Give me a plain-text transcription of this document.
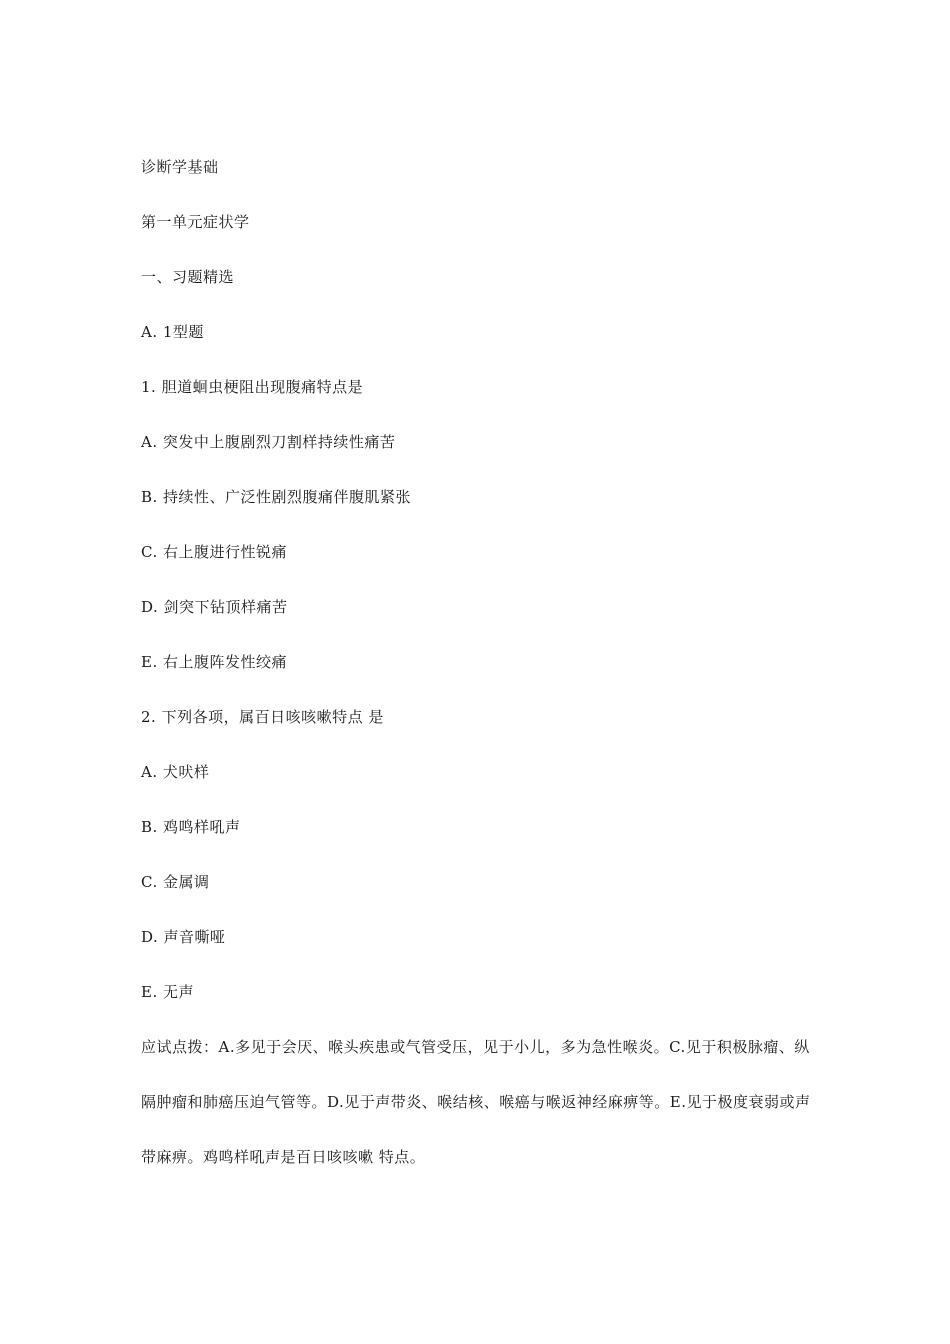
诊断学基础
第一单元症状学
一、习题精选
A. 1型题
1. 胆道蛔虫梗阻出现腹痛特点是
A. 突发中上腹剧烈刀割样持续性痛苦
B. 持续性、广泛性剧烈腹痛伴腹肌紧张
C. 右上腹进行性锐痛
D. 剑突下钻顶样痛苦
E. 右上腹阵发性绞痛
2. 下列各项，属百日咳咳嗽特点 是
A. 犬吠样
B. 鸡鸣样吼声
C. 金属调
D. 声音嘶哑
E. 无声
应试点拨：A.多见于会厌、喉头疾患或气管受压，见于小儿，多为急性喉炎。C.见于积极脉瘤、纵隔肿瘤和肺癌压迫气管等。D.见于声带炎、喉结核、喉癌与喉返神经麻痹等。E.见于极度衰弱或声带麻痹。鸡鸣样吼声是百日咳咳嗽 特点。
